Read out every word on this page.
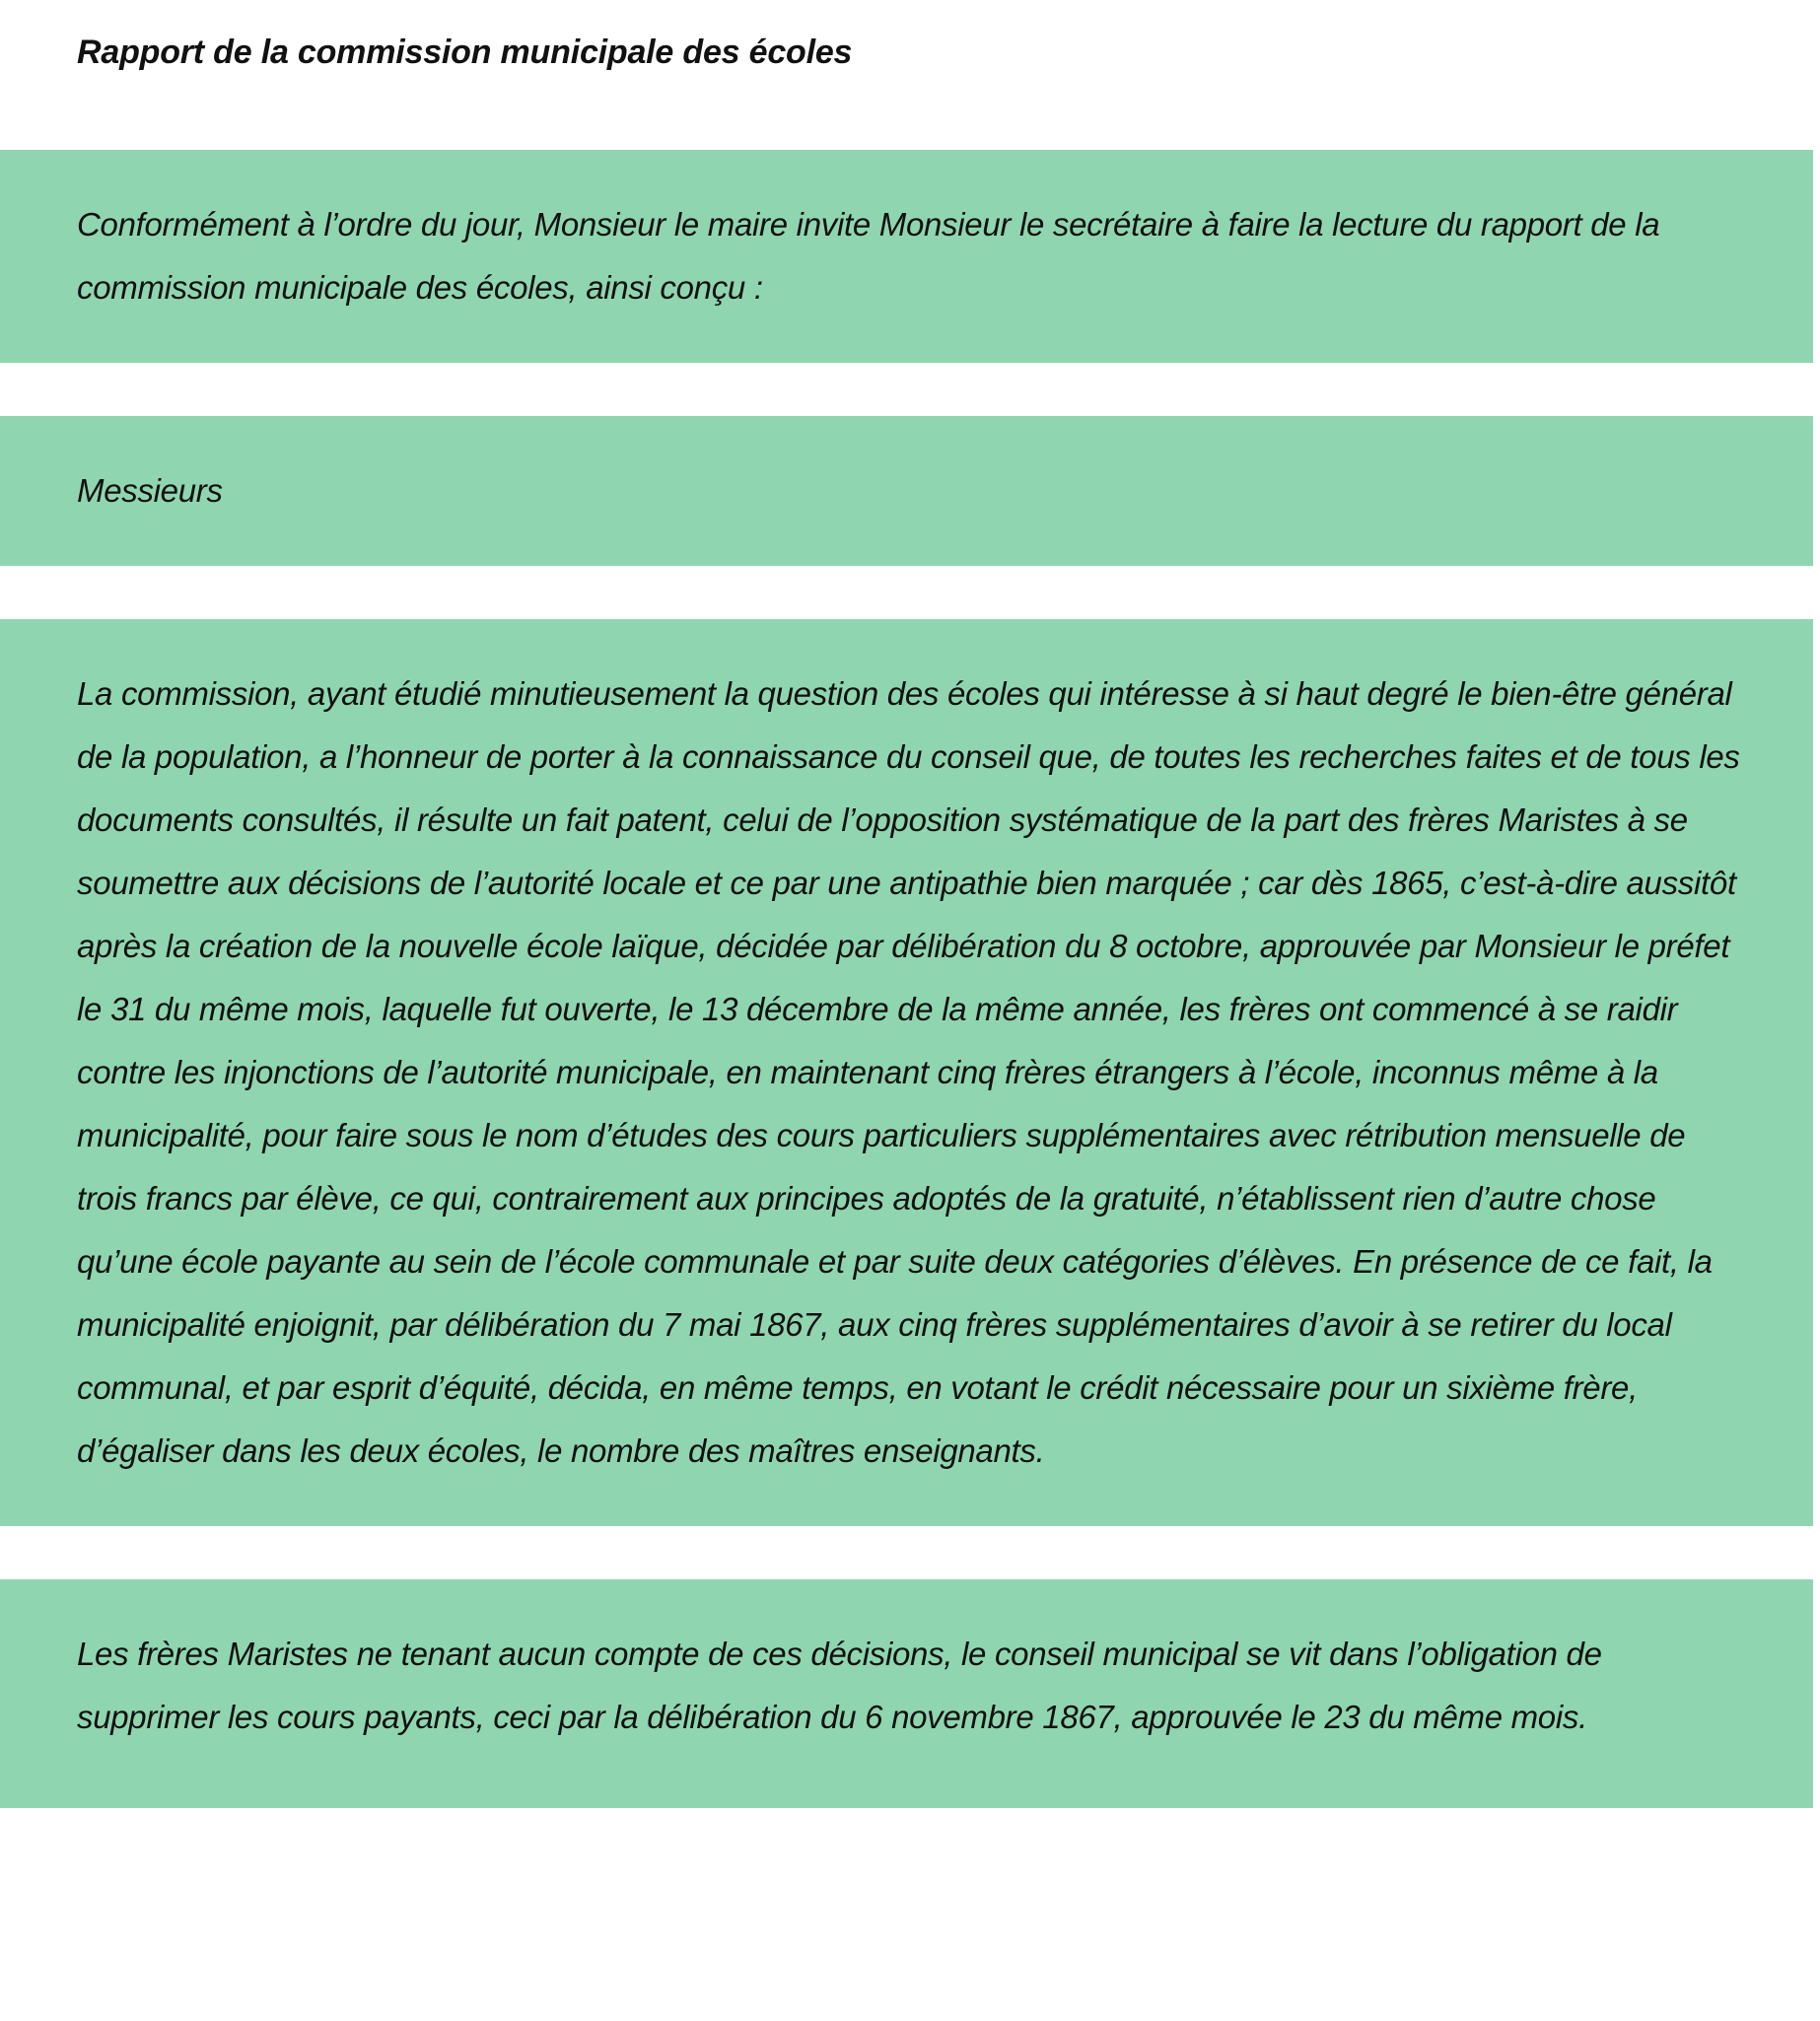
Rapport de la commission municipale des écoles

Conformément à l’ordre du jour, Monsieur le maire invite Monsieur le secrétaire à faire la lecture du rapport de la commission municipale des écoles, ainsi conçu :

Messieurs

La commission, ayant étudié minutieusement la question des écoles qui intéresse à si haut degré le bien-être général de la population, a l’honneur de porter à la connaissance du conseil que, de toutes les recherches faites et de tous les documents consultés, il résulte un fait patent, celui de l’opposition systématique de la part des frères Maristes à se soumettre aux décisions de l’autorité locale et ce par une antipathie bien marquée ; car dès 1865, c’est-à-dire aussitôt après la création de la nouvelle école laïque, décidée par délibération du 8 octobre, approuvée par Monsieur le préfet le 31 du même mois, laquelle fut ouverte, le 13 décembre de la même année, les frères ont commencé à se raidir contre les injonctions de l’autorité municipale, en maintenant cinq frères étrangers à l’école, inconnus même à la municipalité, pour faire sous le nom d’études des cours particuliers supplémentaires avec rétribution mensuelle de trois francs par élève, ce qui, contrairement aux principes adoptés de la gratuité, n’établissent rien d’autre chose qu’une école payante au sein de l’école communale et par suite deux catégories d’élèves. En présence de ce fait, la municipalité enjoignit, par délibération du 7 mai 1867, aux cinq frères supplémentaires d’avoir à se retirer du local communal, et par esprit d’équité, décida, en même temps, en votant le crédit nécessaire pour un sixième frère, d’égaliser dans les deux écoles, le nombre des maîtres enseignants.

Les frères Maristes ne tenant aucun compte de ces décisions, le conseil municipal se vit dans l’obligation de supprimer les cours payants, ceci par la délibération du 6 novembre 1867, approuvée le 23 du même mois.
